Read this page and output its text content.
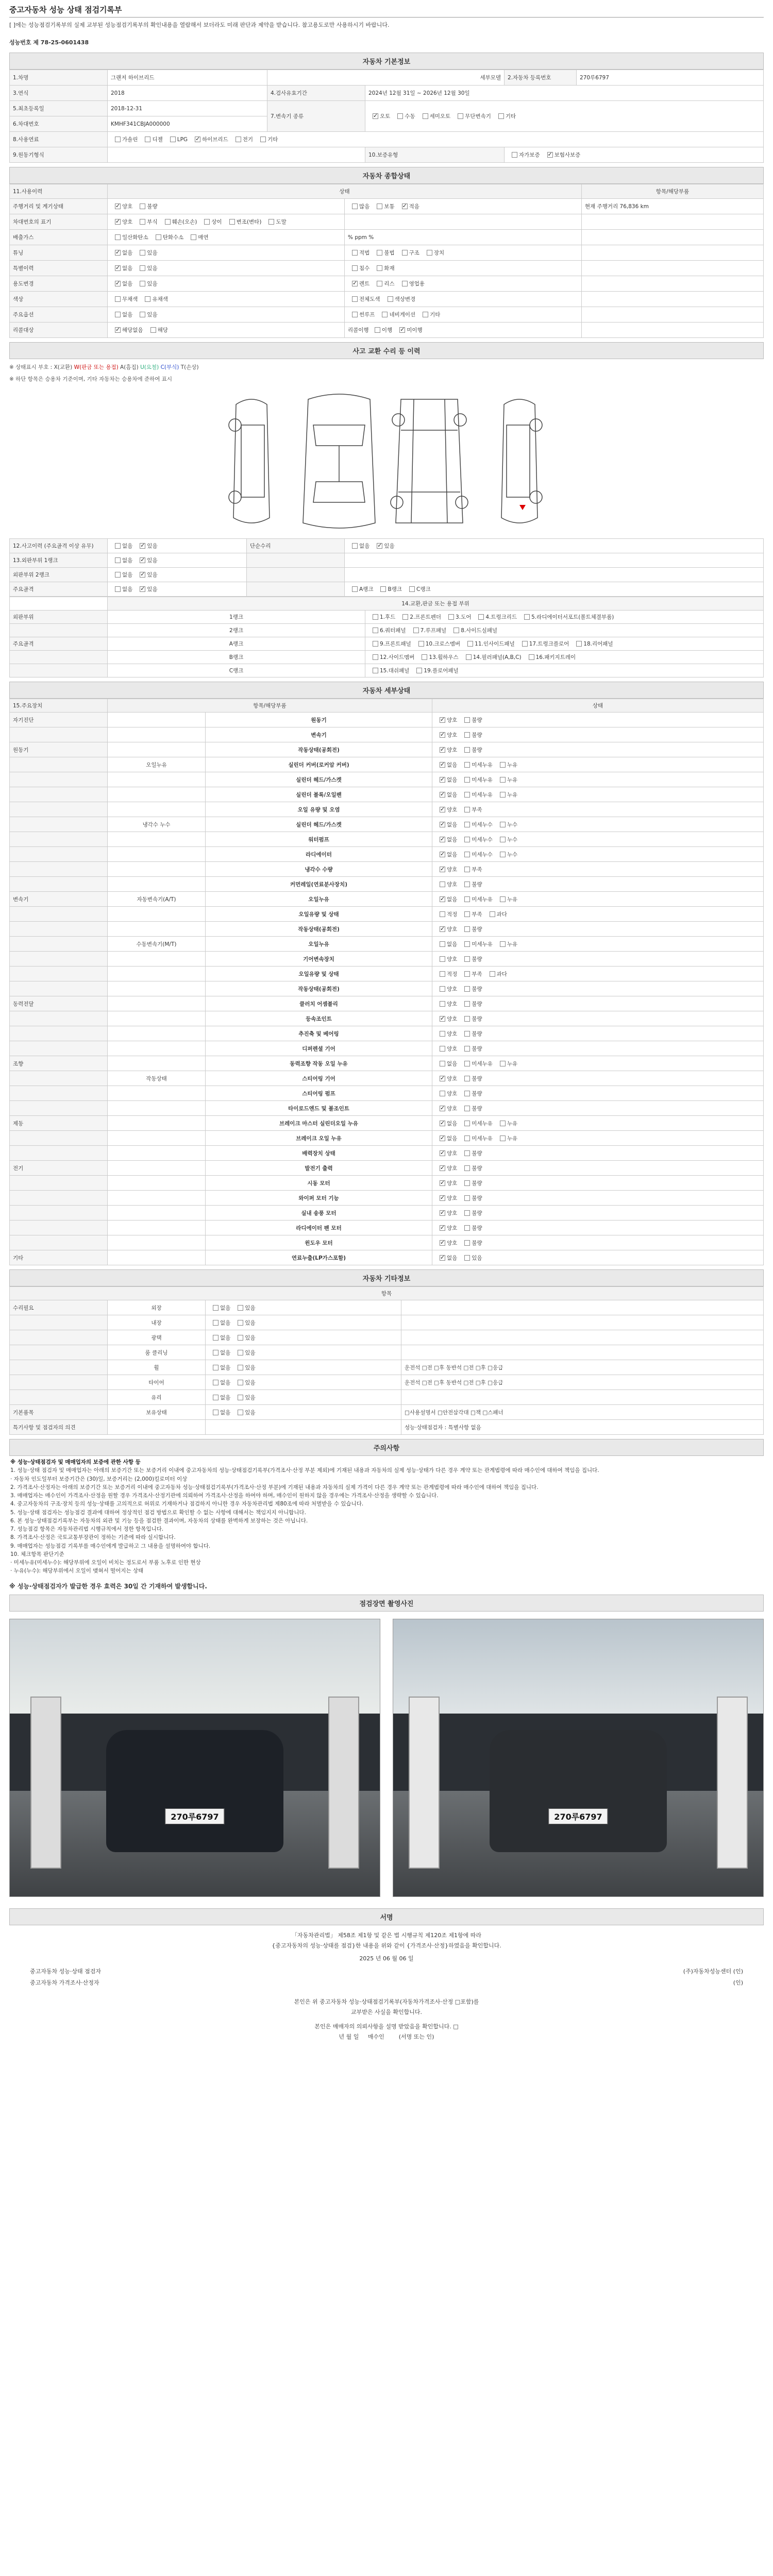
중고자동차 성능 상태 점검기록부
[ ]에는 성능점검기록부의 실제 교부된 성능점검기록부의 확인내용을 열람해서 보더라도 미래 판단과 제약을 받습니다. 참고용도로만 사용하시기 바랍니다.
성능번호 제 78-25-0601438
자동차 기본정보
1.차명	그랜저 하이브리드	세부모델		2.자동차 등록번호	270루6797
3.연식	2018	4.검사유효기간	2024년 12월 31일 ~ 2026년 12월 30일		
5.최초등록일	2018-12-31	7.변속기 종류	✓오토 수동 세미오토 무단변속기 기타
6.차대번호	KMHF341CBJA000000				
8.사용연료	가솔린 디젤 LPG ✓ 하이브리드 전기 기타
9.원동기형식			10.보증유형	자가보증 ✓ 보험사보증
자동차 종합상태
11.사용이력	상태		항목/해당부품
주행거리 및 계기상태	✓양호 불량	많음 보통 ✓ 적음	현재 주행거리 76,836 km
차대번호의 표기	✓양호 부식 훼손(오손) 상이 변조(변타) 도말		
배출가스	일산화탄소 탄화수소 매연	% ppm %	
튜닝	✓없음 있음	적법 불법 구조 장치	
특별이력	✓없음 있음	침수 화재	
용도변경	✓없음 있음	✓렌트 리스 영업용	
색상	무채색 유채색	전체도색 색상변경	
주요옵션	없음 있음	썬루프 네비게이션 기타	
리콜대상	✓해당없음 해당	리콜이행 이행 ✓ 미이행	
사고 교환 수리 등 이력
※ 상태표시 부호 : X(교환) W(판금 또는 용접) A(흠집) U(요철) C(부식) T(손상)
※ 하단 항목은 승용차 기준이며, 기타 자동차는 승용차에 준하여 표시
12.사고이력 (주요골격 이상 유무)	없음 ✓ 있음	단순수리	없음 ✓ 있음
13.외판부위 1랭크	없음 ✓ 있음		
외판부위 2랭크	없음 ✓ 있음		
주요골격	없음 ✓ 있음		A랭크 B랭크 C랭크
	14.교환,판금 또는 용접 부위	
외판부위	1랭크	1.후드 2.프론트펜더 3.도어 4.트렁크리드 5.라디에이터서포트(볼트체결부품)
	2랭크	6.쿼터패널 7.루프패널 8.사이드실패널
주요골격	A랭크	9.프론트패널 10.크로스멤버 11.인사이드패널 17.트렁크플로어 18.리어패널
	B랭크	12.사이드멤버 13.휠하우스 14.필러패널(A,B,C) 16.패키지트레이
	C랭크	15.대쉬패널 19.플로어패널
자동차 세부상태
15.주요장치	항목/해당부품		상태
자기진단		원동기	✓양호 불량
		변속기	✓양호 불량
원동기		작동상태(공회전)	✓양호 불량
	오일누유	실린더 커버(로커암 커버)	✓없음 미세누유 누유
		실린더 헤드/가스켓	✓없음 미세누유 누유
		실린더 블록/오일팬	✓없음 미세누유 누유
		오일 유량 및 오염	✓양호 부족
	냉각수 누수	실린더 헤드/가스켓	✓없음 미세누수 누수
		워터펌프	✓없음 미세누수 누수
		라디에이터	✓없음 미세누수 누수
		냉각수 수량	✓양호 부족
		커먼레일(연료분사장치)	양호 불량
변속기	자동변속기(A/T)	오일누유	✓없음 미세누유 누유
		오일유량 및 상태	적정 부족 과다
		작동상태(공회전)	✓양호 불량
	수동변속기(M/T)	오일누유	없음 미세누유 누유
		기어변속장치	양호 불량
		오일유량 및 상태	적정 부족 과다
		작동상태(공회전)	양호 불량
동력전달		클러치 어셈블리	양호 불량
		등속조인트	✓양호 불량
		추진축 및 베어링	양호 불량
		디퍼렌셜 기어	양호 불량
조향		동력조향 작동 오일 누유	없음 미세누유 누유
	작동상태	스티어링 기어	✓양호 불량
		스티어링 펌프	양호 불량
		타이로드엔드 및 볼조인트	✓양호 불량
제동		브레이크 마스터 실린더오일 누유	✓없음 미세누유 누유
		브레이크 오일 누유	✓없음 미세누유 누유
		배력장치 상태	✓양호 불량
전기		발전기 출력	✓양호 불량
		시동 모터	✓양호 불량
		와이퍼 모터 기능	✓양호 불량
		실내 송풍 모터	✓양호 불량
		라디에이터 팬 모터	✓양호 불량
		윈도우 모터	✓양호 불량
기타		연료누출(LP가스포함)	✓없음 있음
자동차 기타정보
항목			
수리필요	외장	없음 있음	
	내장	없음 있음	
	광택	없음 있음	
	룸 클리닝	없음 있음	
	휠	없음 있음	운전석 □전 □후 동반석 □전 □후 □응급
	타이어	없음 있음	운전석 □전 □후 동반석 □전 □후 □응급
	유리	없음 있음	
기본품목	보유상태	없음 있음	□사용설명서 □안전삼각대 □잭 □스패너
특기사항 및 점검자의 의견			성능·상태점검자 : 특별사항 없음
주의사항
※ 성능·상태점검자 및 매매업자의 보증에 관한 사항 등
1. 성능·상태 점검자 및 매매업자는 아래의 보증기간 또는 보증거리 이내에 중고자동차의 성능·상태점검기록부(가격조사·산정 부분 제외)에 기재된 내용과 자동차의 실제 성능·상태가 다른 경우 계약 또는 관계법령에 따라 매수인에 대하여 책임을 집니다.
· 자동차 인도일부터 보증기간은 (30)일, 보증거리는 (2,000)킬로미터 이상
2. 가격조사·산정자는 아래의 보증기간 또는 보증거리 이내에 중고자동차 성능·상태점검기록부(가격조사·산정 부분)에 기재된 내용과 자동차의 실제 가격이 다른 경우 계약 또는 관계법령에 따라 매수인에 대하여 책임을 집니다.
3. 매매업자는 매수인이 가격조사·산정을 원할 경우 가격조사·산정기관에 의뢰하여 가격조사·산정을 하여야 하며, 매수인이 원하지 않을 경우에는 가격조사·산정을 생략할 수 있습니다.
4. 중고자동차의 구조·장치 등의 성능·상태를 고의적으로 허위로 기재하거나 점검하지 아니한 경우 자동차관리법 제80조에 따라 처벌받을 수 있습니다.
5. 성능·상태 점검자는 성능점검 결과에 대하여 정상적인 점검 방법으로 확인할 수 없는 사항에 대해서는 책임지지 아니합니다.
6. 본 성능·상태점검기록부는 자동차의 외관 및 기능 등을 점검한 결과이며, 자동차의 상태를 완벽하게 보장하는 것은 아닙니다.
7. 성능점검 항목은 자동차관리법 시행규칙에서 정한 항목입니다.
8. 가격조사·산정은 국토교통부장관이 정하는 기준에 따라 실시합니다.
9. 매매업자는 성능점검 기록부를 매수인에게 발급하고 그 내용을 설명하여야 합니다.
10. 체크항목 판단기준
· 미세누유(미세누수): 해당부위에 오일이 비치는 정도로서 부품 노후로 인한 현상
· 누유(누수): 해당부위에서 오일이 맺혀서 떨어지는 상태
※ 성능·상태점검자가 발급한 경우 효력은 30일 간 기재하여 발생합니다.
점검장면 촬영사진
270루6797	270루6797
서명
「자동차관리법」 제58조 제1항 및 같은 법 시행규칙 제120조 제1항에 따라
{중고자동차의 성능·상태를 점검}한 내용을 위와 같이 {가격조사·산정}하였음을 확인합니다.
2025 년 06 월 06 일
중고자동차 성능·상태 점검자	(주)자동차성능센터 (인)
중고자동차 가격조사·산정자	(인)
본인은 위 중고자동차 성능·상태점검기록부(자동차가격조사·산정 □포함)를
교부받은 사실을 확인합니다.
본인은 매매자의 의뢰사항을 설명 받았음을 확인합니다. □
년 월 일 매수인	(서명 또는 인)
